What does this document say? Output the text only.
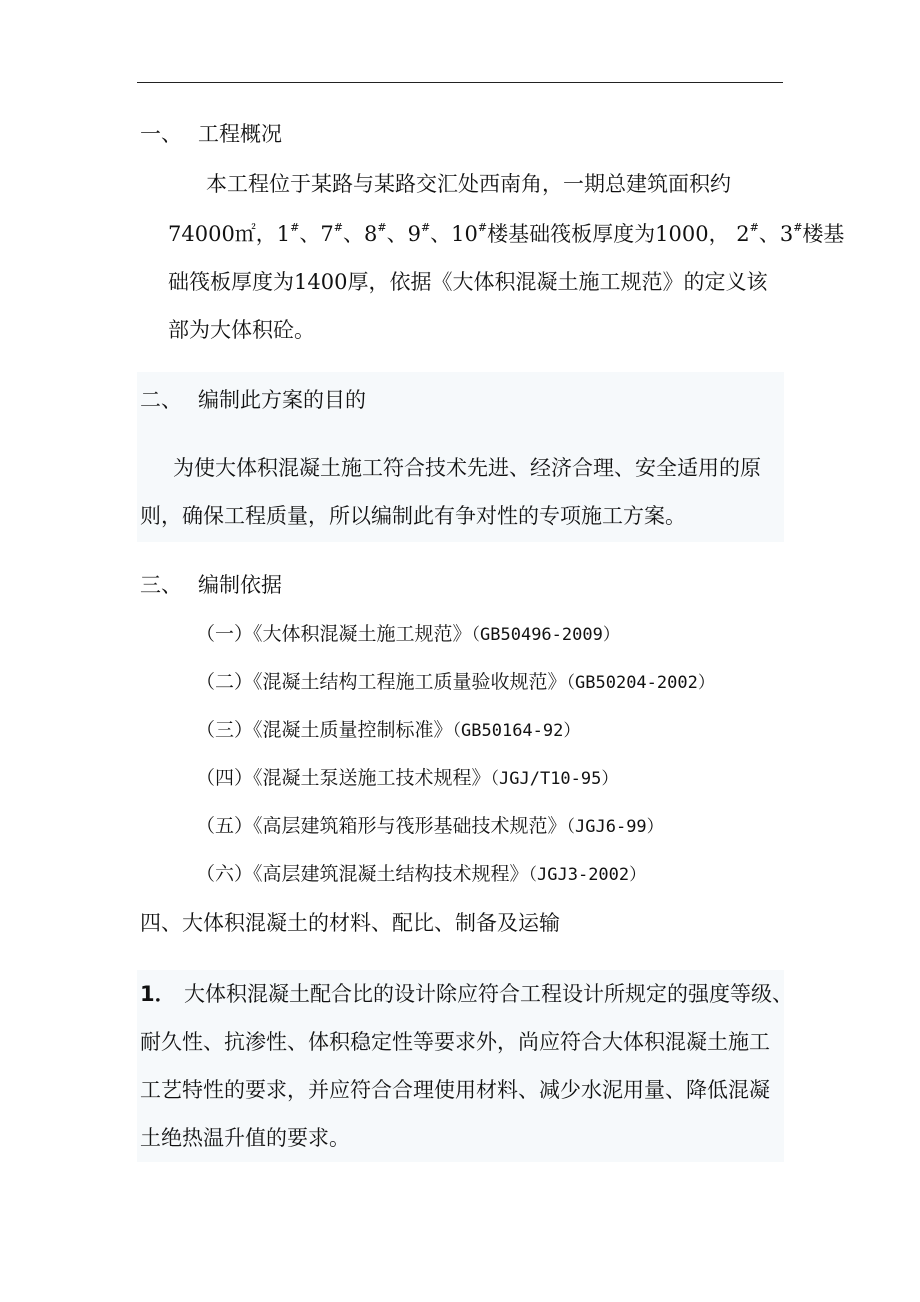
一、 工程概况
本工程位于某路与某路交汇处西南角，一期总建筑面积约
74000㎡，1#、7#、8#、9#、10#楼基础筏板厚度为1000， 2#、3#楼基
础筏板厚度为1400厚，依据《大体积混凝土施工规范》的定义该
部为大体积砼。
二、 编制此方案的目的
为使大体积混凝土施工符合技术先进、经济合理、安全适用的原
则，确保工程质量，所以编制此有争对性的专项施工方案。
三、 编制依据
（一）《大体积混凝土施工规范》（GB50496-2009）
（二）《混凝土结构工程施工质量验收规范》（GB50204-2002）
（三）《混凝土质量控制标准》（GB50164-92）
（四）《混凝土泵送施工技术规程》（JGJ/T10-95）
（五）《高层建筑箱形与筏形基础技术规范》（JGJ6-99）
（六）《高层建筑混凝土结构技术规程》（JGJ3-2002）
四、大体积混凝土的材料、配比、制备及运输
1． 大体积混凝土配合比的设计除应符合工程设计所规定的强度等级、
耐久性、抗渗性、体积稳定性等要求外，尚应符合大体积混凝土施工
工艺特性的要求，并应符合合理使用材料、减少水泥用量、降低混凝
土绝热温升值的要求。
